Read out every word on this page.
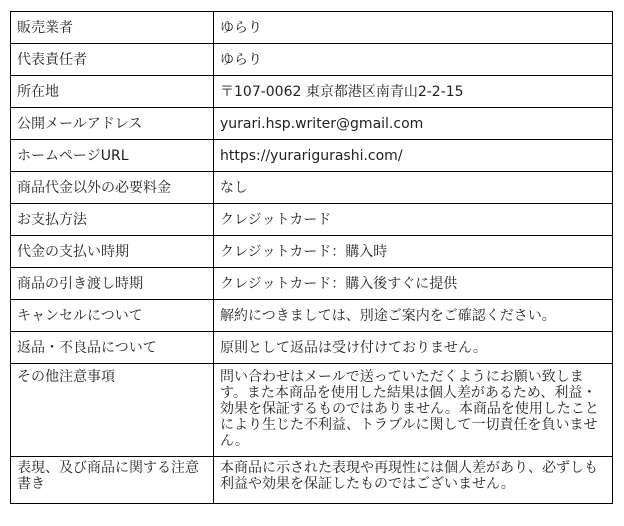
販売業者	ゆらり
代表責任者	ゆらり
所在地	〒107-0062 東京都港区南青山2-2-15
公開メールアドレス	yurari.hsp.writer@gmail.com
ホームページURL	https://yurarigurashi.com/
商品代金以外の必要料金	なし
お支払方法	クレジットカード
代金の支払い時期	クレジットカード：購入時
商品の引き渡し時期	クレジットカード：購入後すぐに提供
キャンセルについて	解約につきましては、別途ご案内をご確認ください。
返品・不良品について	原則として返品は受け付けておりません。
その他注意事項	問い合わせはメールで送っていただくようにお願い致します。また本商品を使用した結果は個人差があるため、利益・効果を保証するものではありません。本商品を使用したことにより生じた不利益、トラブルに関して一切責任を負いません。
表現、及び商品に関する注意書き	本商品に示された表現や再現性には個人差があり、必ずしも利益や効果を保証したものではございません。
